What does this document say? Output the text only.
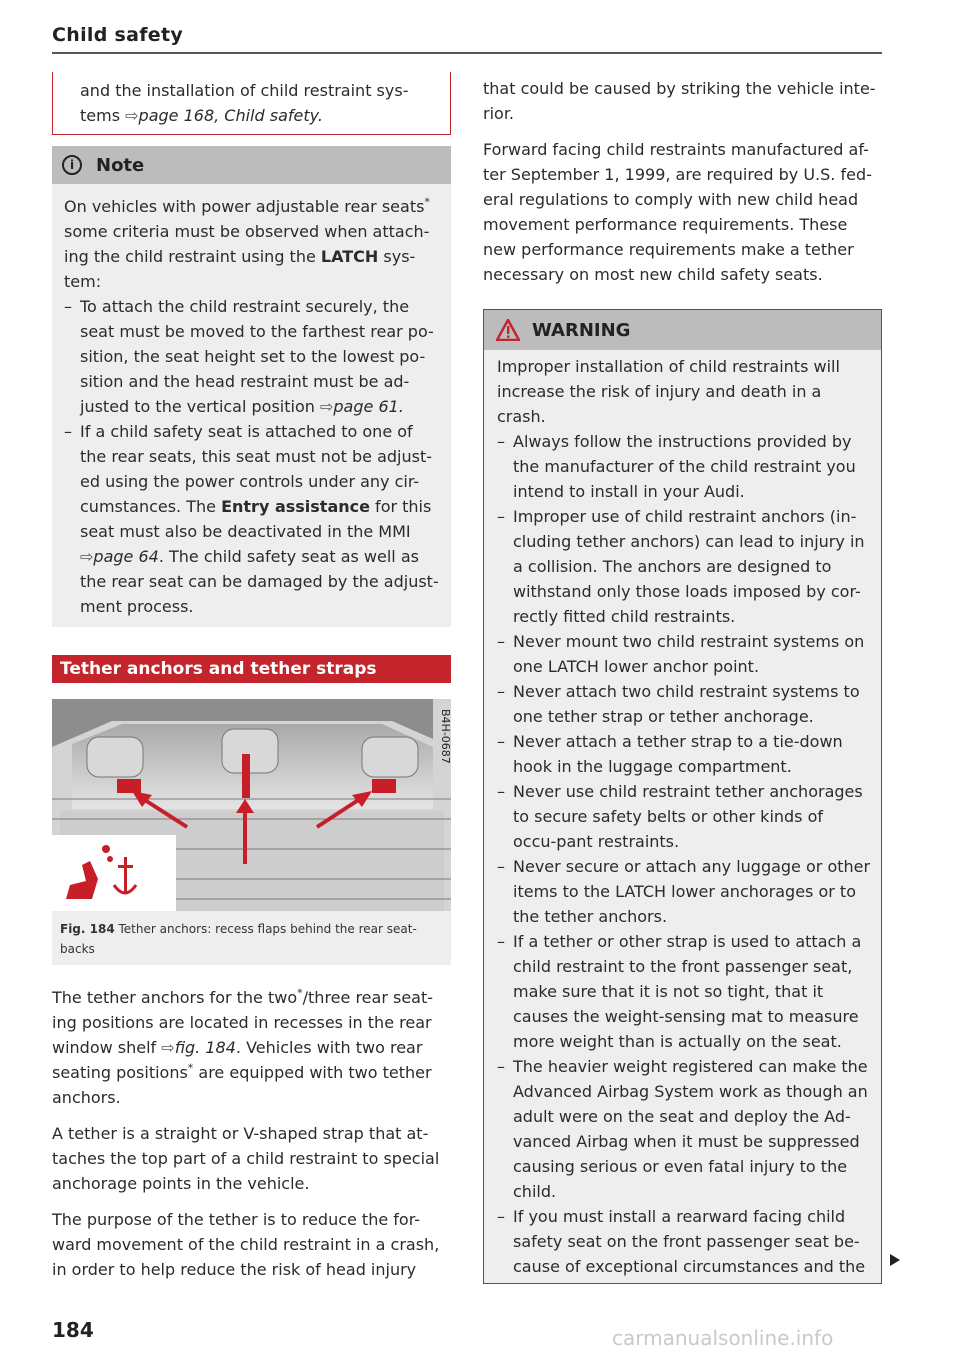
Child safety

and the installation of child restraint sys-
tems ⇨page 168, Child safety.

i	Note

On vehicles with power adjustable rear seats* some criteria must be observed when attach-ing the child restraint using the LATCH sys-tem:

– To attach the child restraint securely, the seat must be moved to the farthest rear po-sition, the seat height set to the lowest po-sition and the head restraint must be ad-justed to the vertical position ⇨page 61.
– If a child safety seat is attached to one of the rear seats, this seat must not be adjust-ed using the power controls under any cir-cumstances. The Entry assistance for this seat must also be deactivated in the MMI ⇨page 64. The child safety seat as well as the rear seat can be damaged by the adjust-ment process.
Tether anchors and tether straps
B4H-0687
Fig. 184 Tether anchors: recess flaps behind the rear seat-backs

The tether anchors for the two*/three rear seat-ing positions are located in recesses in the rear window shelf ⇨fig. 184. Vehicles with two rear seating positions* are equipped with two tether anchors.

A tether is a straight or V-shaped strap that at-taches the top part of a child restraint to special anchorage points in the vehicle.

The purpose of the tether is to reduce the for-ward movement of the child restraint in a crash, in order to help reduce the risk of head injury

that could be caused by striking the vehicle inte-rior.

Forward facing child restraints manufactured af-ter September 1, 1999, are required by U.S. fed-eral regulations to comply with new child head movement performance requirements. These new performance requirements make a tether necessary on most new child safety seats.

WARNING

Improper installation of child restraints will increase the risk of injury and death in a crash.

– Always follow the instructions provided by the manufacturer of the child restraint you intend to install in your Audi.
– Improper use of child restraint anchors (in-cluding tether anchors) can lead to injury in a collision. The anchors are designed to withstand only those loads imposed by cor-rectly fitted child restraints.
– Never mount two child restraint systems on one LATCH lower anchor point.
– Never attach two child restraint systems to one tether strap or tether anchorage.
– Never attach a tether strap to a tie-down hook in the luggage compartment.
– Never use child restraint tether anchorages to secure safety belts or other kinds of occu-pant restraints.
– Never secure or attach any luggage or other items to the LATCH lower anchorages or to the tether anchors.
– If a tether or other strap is used to attach a child restraint to the front passenger seat, make sure that it is not so tight, that it causes the weight-sensing mat to measure more weight than is actually on the seat.
– The heavier weight registered can make the Advanced Airbag System work as though an adult were on the seat and deploy the Ad-vanced Airbag when it must be suppressed causing serious or even fatal injury to the child.
– If you must install a rearward facing child safety seat on the front passenger seat be-cause of exceptional circumstances and the
184	carmanualsonline.info
